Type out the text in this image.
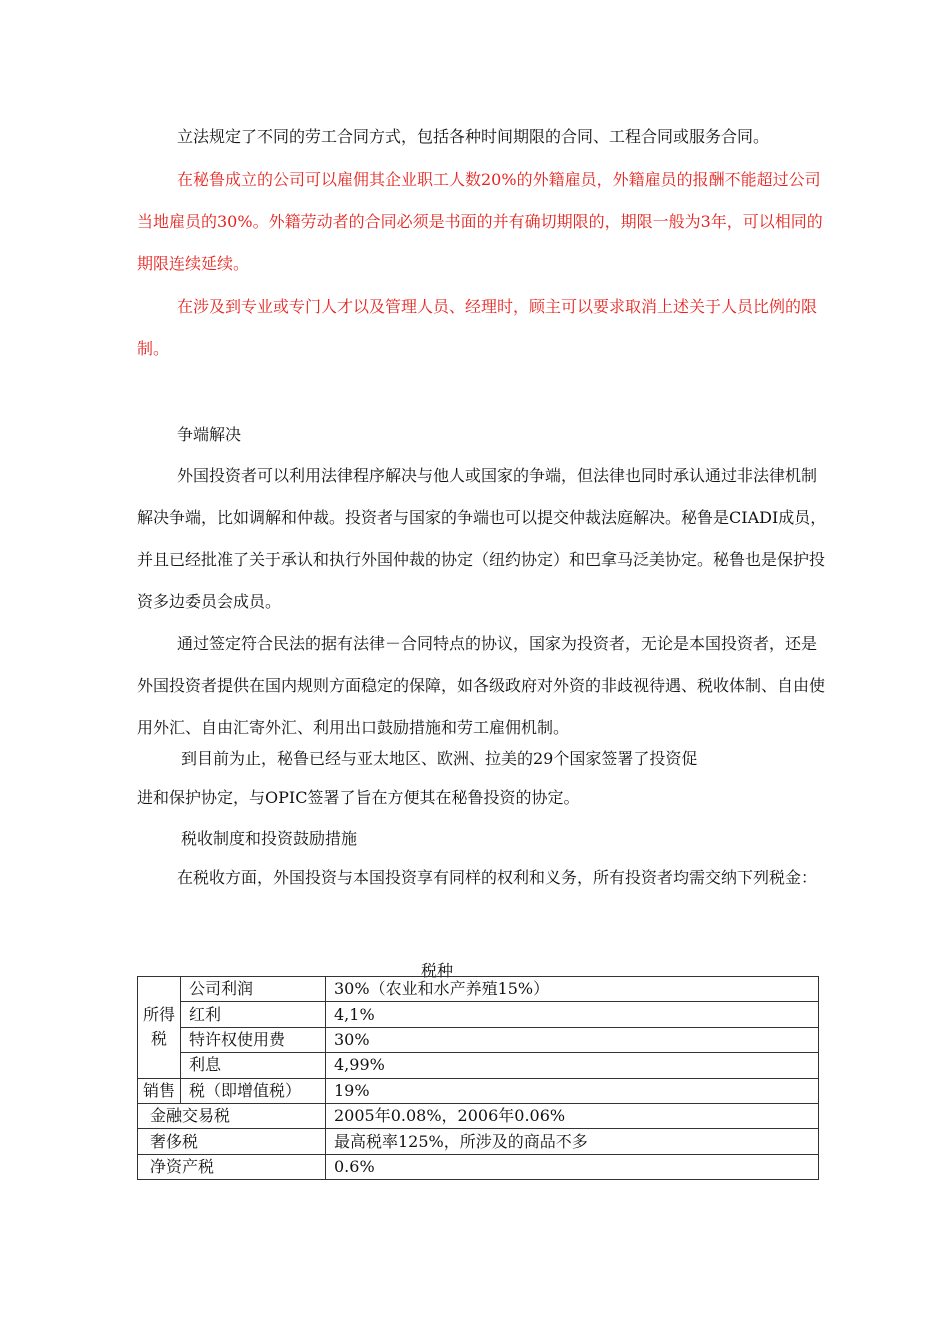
立法规定了不同的劳工合同方式，包括各种时间期限的合同、工程合同或服务合同。

在秘鲁成立的公司可以雇佣其企业职工人数20%的外籍雇员，外籍雇员的报酬不能超过公司当地雇员的30%。外籍劳动者的合同必须是书面的并有确切期限的，期限一般为3年，可以相同的期限连续延续。

在涉及到专业或专门人才以及管理人员、经理时，顾主可以要求取消上述关于人员比例的限制。

争端解决

外国投资者可以利用法律程序解决与他人或国家的争端，但法律也同时承认通过非法律机制解决争端，比如调解和仲裁。投资者与国家的争端也可以提交仲裁法庭解决。秘鲁是CIADI成员，并且已经批准了关于承认和执行外国仲裁的协定（纽约协定）和巴拿马泛美协定。秘鲁也是保护投资多边委员会成员。

通过签定符合民法的据有法律－合同特点的协议，国家为投资者，无论是本国投资者，还是外国投资者提供在国内规则方面稳定的保障，如各级政府对外资的非歧视待遇、税收体制、自由使用外汇、自由汇寄外汇、利用出口鼓励措施和劳工雇佣机制。

到目前为止，秘鲁已经与亚太地区、欧洲、拉美的29个国家签署了投资促
进和保护协定，与OPIC签署了旨在方便其在秘鲁投资的协定。
税收制度和投资鼓励措施

在税收方面，外国投资与本国投资享有同样的权利和义务，所有投资者均需交纳下列税金：

税种
所得税	公司利润	30%（农业和水产养殖15%）
	红利	4,1%
	特许权使用费	30%
	利息	4,99%
销售	税（即增值税）	19%
金融交易税		2005年0.08%，2006年0.06%
奢侈税		最高税率125%，所涉及的商品不多
净资产税		0.6%
